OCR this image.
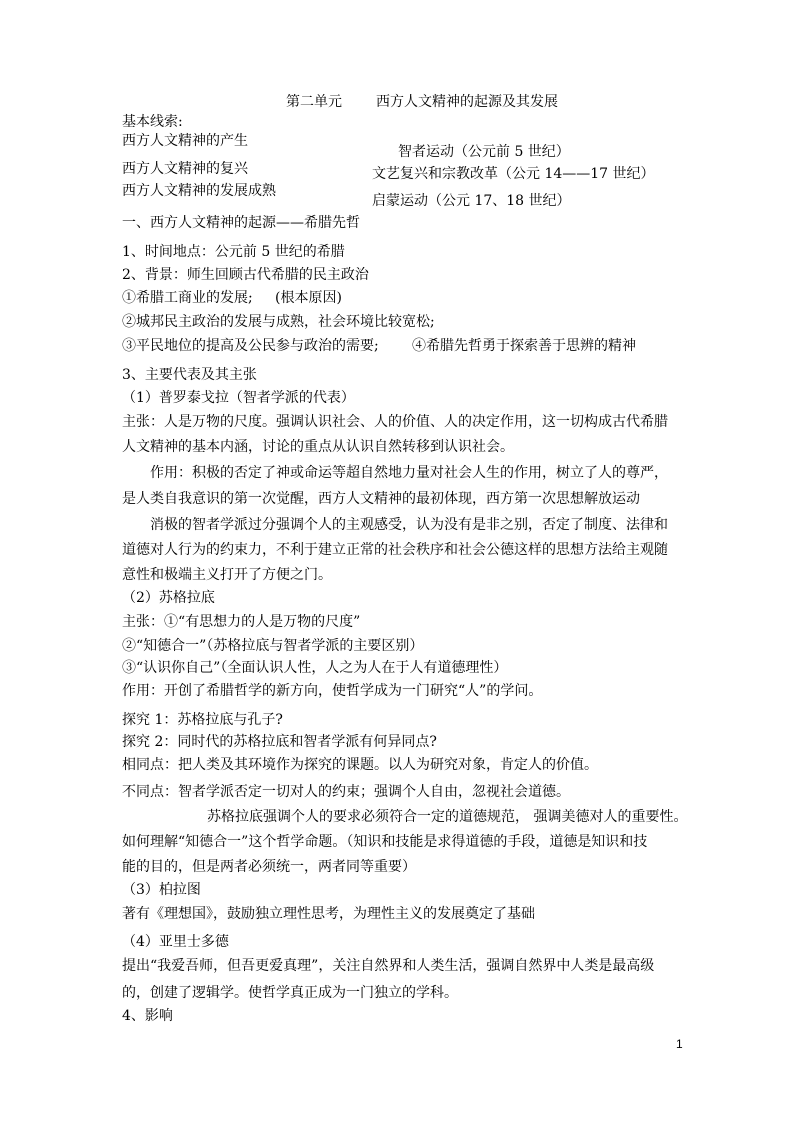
第二单元 西方人文精神的起源及其发展
基本线索:
西方人文精神的产生
智者运动（公元前 5 世纪）
西方人文精神的复兴	文艺复兴和宗教改革（公元 14——17 世纪）
西方人文精神的发展成熟
启蒙运动（公元 17、18 世纪）
一、西方人文精神的起源——希腊先哲
1、时间地点：公元前 5 世纪的希腊
2、背景：师生回顾古代希腊的民主政治
①希腊工商业的发展; (根本原因)
②城邦民主政治的发展与成熟，社会环境比较宽松;
③平民地位的提高及公民参与政治的需要; ④希腊先哲勇于探索善于思辨的精神
3、主要代表及其主张
（1）普罗泰戈拉（智者学派的代表）
主张：人是万物的尺度。强调认识社会、人的价值、人的决定作用，这一切构成古代希腊
人文精神的基本内涵，讨论的重点从认识自然转移到认识社会。
作用：积极的否定了神或命运等超自然地力量对社会人生的作用，树立了人的尊严，
是人类自我意识的第一次觉醒，西方人文精神的最初体现，西方第一次思想解放运动
消极的智者学派过分强调个人的主观感受，认为没有是非之别，否定了制度、法律和
道德对人行为的约束力，不利于建立正常的社会秩序和社会公德这样的思想方法给主观随
意性和极端主义打开了方便之门。
（2）苏格拉底
主张：①“有思想力的人是万物的尺度”
②“知德合一”（苏格拉底与智者学派的主要区别）
③“认识你自己”（全面认识人性，人之为人在于人有道德理性）
作用：开创了希腊哲学的新方向，使哲学成为一门研究“人”的学问。
探究 1：苏格拉底与孔子?
探究 2：同时代的苏格拉底和智者学派有何异同点?
相同点：把人类及其环境作为探究的课题。以人为研究对象，肯定人的价值。
不同点：智者学派否定一切对人的约束；强调个人自由，忽视社会道德。
苏格拉底强调个人的要求必须符合一定的道德规范， 强调美德对人的重要性。
如何理解“知德合一”这个哲学命题。（知识和技能是求得道德的手段，道德是知识和技
能的目的，但是两者必须统一，两者同等重要）
（3）柏拉图
著有《理想国》，鼓励独立理性思考，为理性主义的发展奠定了基础
（4）亚里士多德
提出“我爱吾师，但吾更爱真理”，关注自然界和人类生活，强调自然界中人类是最高级
的，创建了逻辑学。使哲学真正成为一门独立的学科。
4、影响
1
